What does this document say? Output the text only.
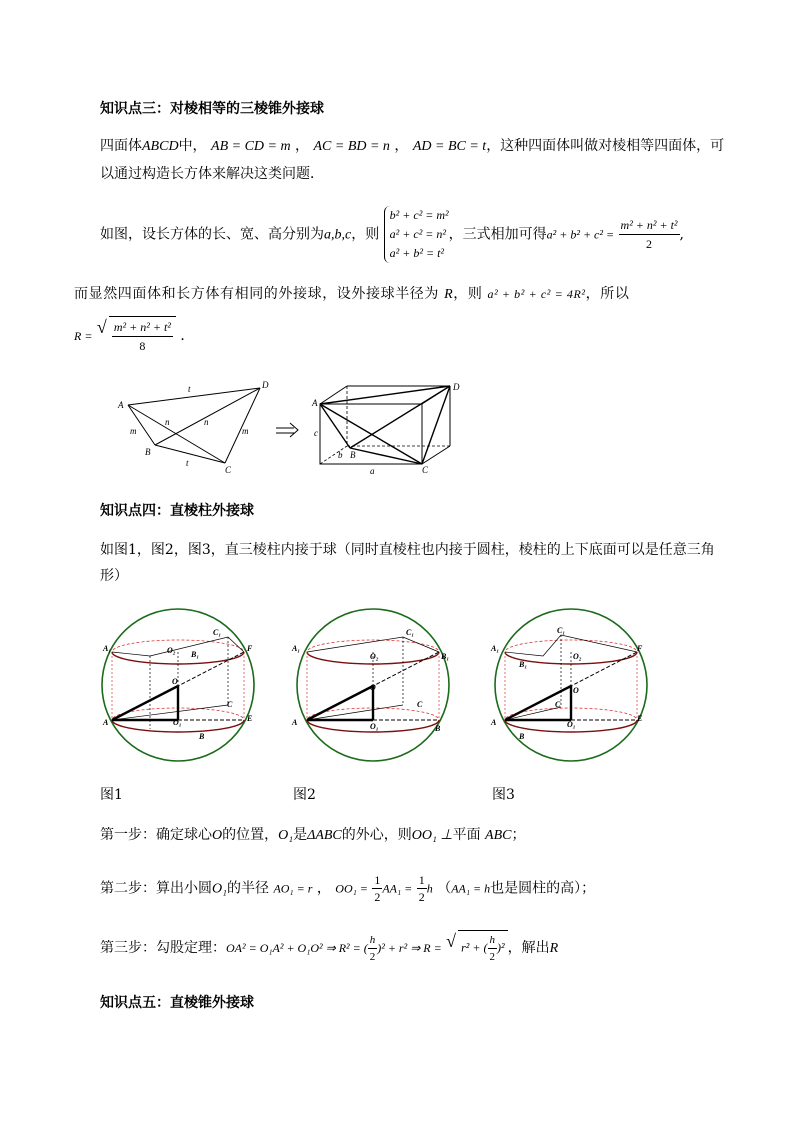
知识点三：对棱相等的三棱锥外接球
四面体ABCD中， AB = CD = m ， AC = BD = n ， AD = BC = t，这种四面体叫做对棱相等四面体，可
以通过构造长方体来解决这类问题．
如图，设长方体的长、宽、高分别为a,b,c，则
b² + c² = m²
a² + c² = n²
a² + b² = t²
，三式相加可得$a^2 + b^2 + c^2 = \frac{\text{m² + n² + t²}}{2}$ ,
而显然四面体和长方体有相同的外接球，设外接球半径为 R，则 a² + b² + c² = 4R²，所以
R = √ $\frac{\text{m² + n² + t²}}{8}$ ．
A
D
B
C
t
t
m	m
n	n
A
D
B
C
c
b
a
知识点四：直棱柱外接球
如图1，图2，图3，直三棱柱内接于球（同时直棱柱也内接于圆柱，棱柱的上下底面可以是任意三角
形）
A₁
C₁
B₁
O₂
O
O₁
A
B
C
E
F	A₁
C₁
B₁
O₂
O
O₁
A
C
B
A₁
C₁
B₁
O₂
O
C
O₁
A
B
E
F
图1	图2	图3
第一步：确定球心O的位置，O₁是ΔABC的外心，则OO₁ ⊥平面 ABC；
第二步：算出小圆O₁的半径 AO₁ = r ， $OO_1 = \frac{1}{2} AA_1 = \frac{1}{2}$ h （AA₁ = h也是圆柱的高）；
第三步：勾股定理：OA² = O₁A² + O₁O² ⇒ R² = ( $\frac{h}{2} )^2 + r^2$ ⇒ R = √ r² + ( $\frac{h}{2} )^2$ ，解出R
知识点五：直棱锥外接球
